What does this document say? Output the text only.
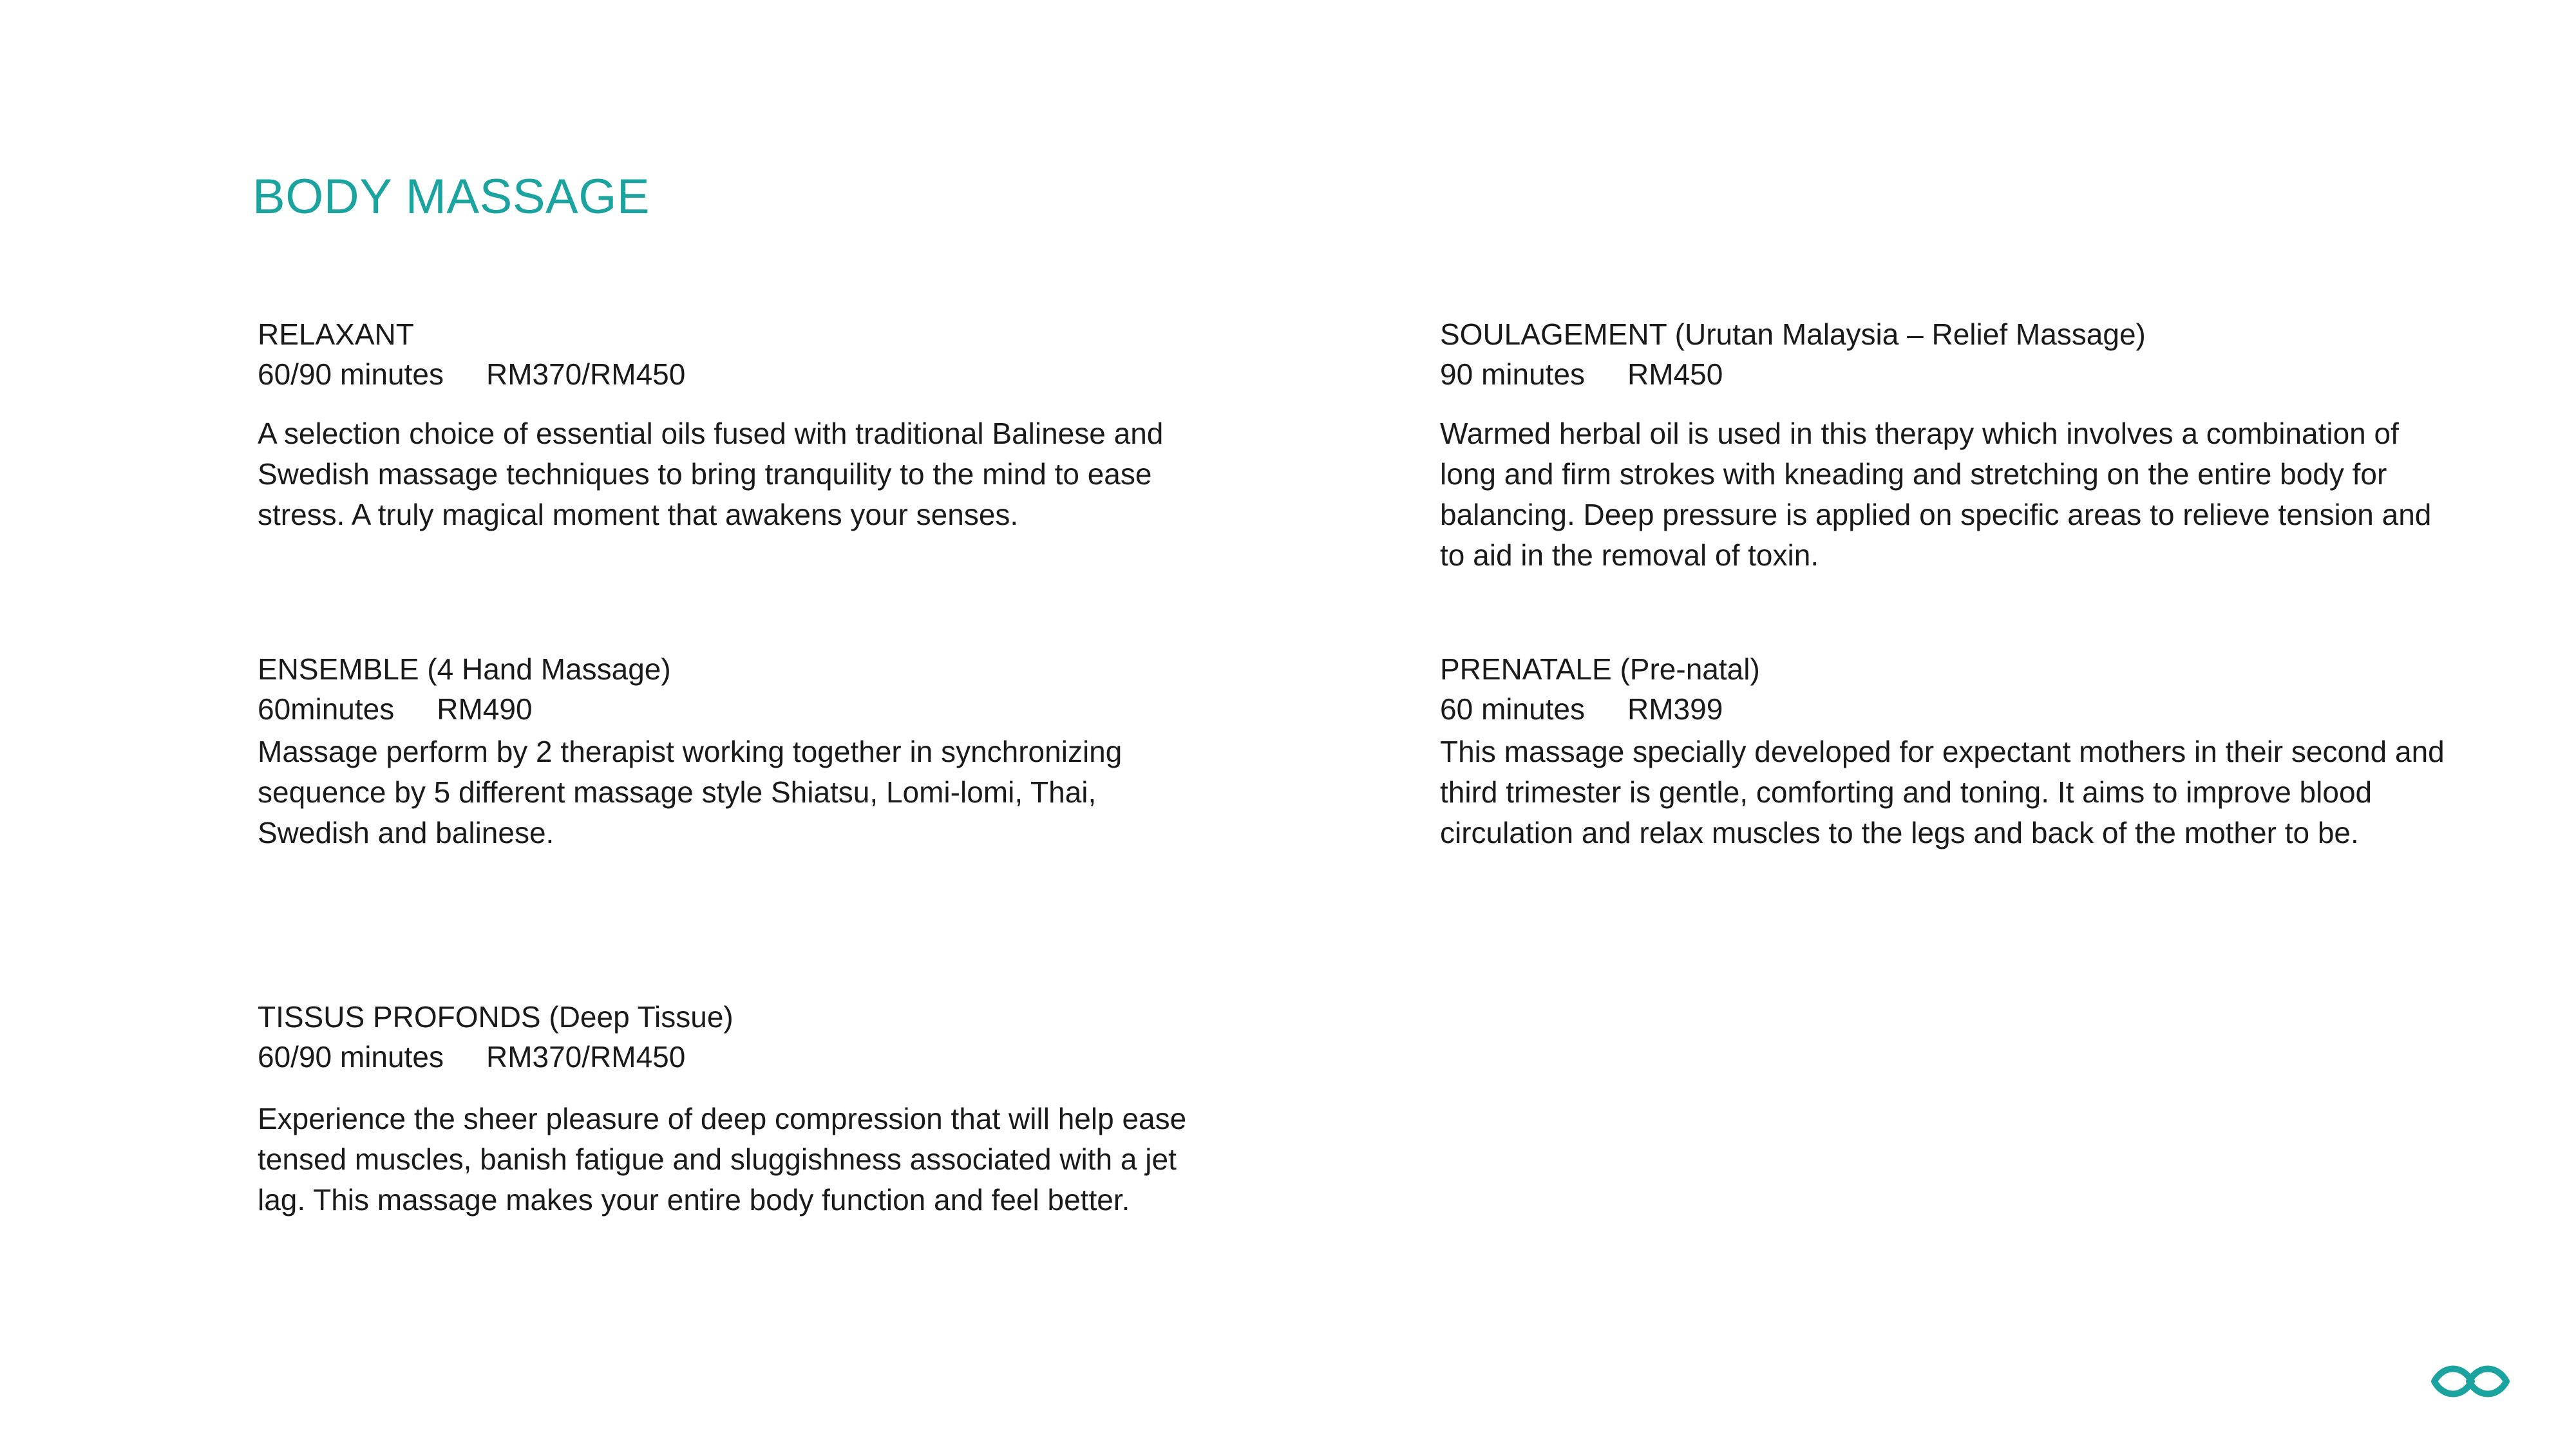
BODY MASSAGE
RELAXANT
60/90 minutes RM370/RM450

A selection choice of essential oils fused with traditional Balinese and Swedish massage techniques to bring tranquility to the mind to ease stress. A truly magical moment that awakens your senses.

SOULAGEMENT (Urutan Malaysia – Relief Massage)
90 minutes RM450

Warmed herbal oil is used in this therapy which involves a combination of long and firm strokes with kneading and stretching on the entire body for balancing. Deep pressure is applied on specific areas to relieve tension and to aid in the removal of toxin.

ENSEMBLE (4 Hand Massage)
60minutes RM490

Massage perform by 2 therapist working together in synchronizing sequence by 5 different massage style Shiatsu, Lomi-lomi, Thai, Swedish and balinese.

PRENATALE (Pre-natal)
60 minutes RM399

This massage specially developed for expectant mothers in their second and third trimester is gentle, comforting and toning. It aims to improve blood circulation and relax muscles to the legs and back of the mother to be.

TISSUS PROFONDS (Deep Tissue)
60/90 minutes RM370/RM450

Experience the sheer pleasure of deep compression that will help ease tensed muscles, banish fatigue and sluggishness associated with a jet lag. This massage makes your entire body function and feel better.
